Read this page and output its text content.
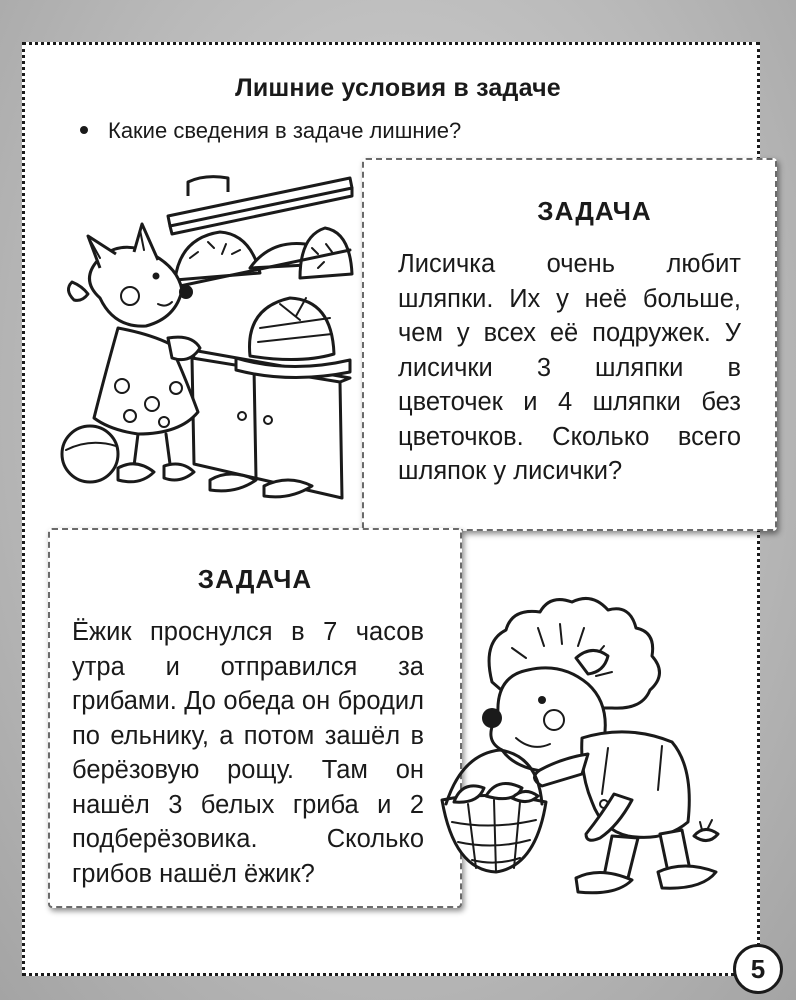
Лишние условия в задаче
Какие сведения в задаче лишние?
ЗАДАЧА
Лисичка очень любит шляпки. Их у неё больше, чем у всех её подружек. У лисички 3 шляпки в цветочек и 4 шляпки без цветочков. Сколько всего шляпок у лисички?
ЗАДАЧА
Ёжик проснулся в 7 часов утра и отправился за грибами. До обеда он бродил по ельнику, а потом зашёл в берёзовую рощу. Там он нашёл 3 белых гриба и 2 подберёзовика. Сколько грибов нашёл ёжик?
5
